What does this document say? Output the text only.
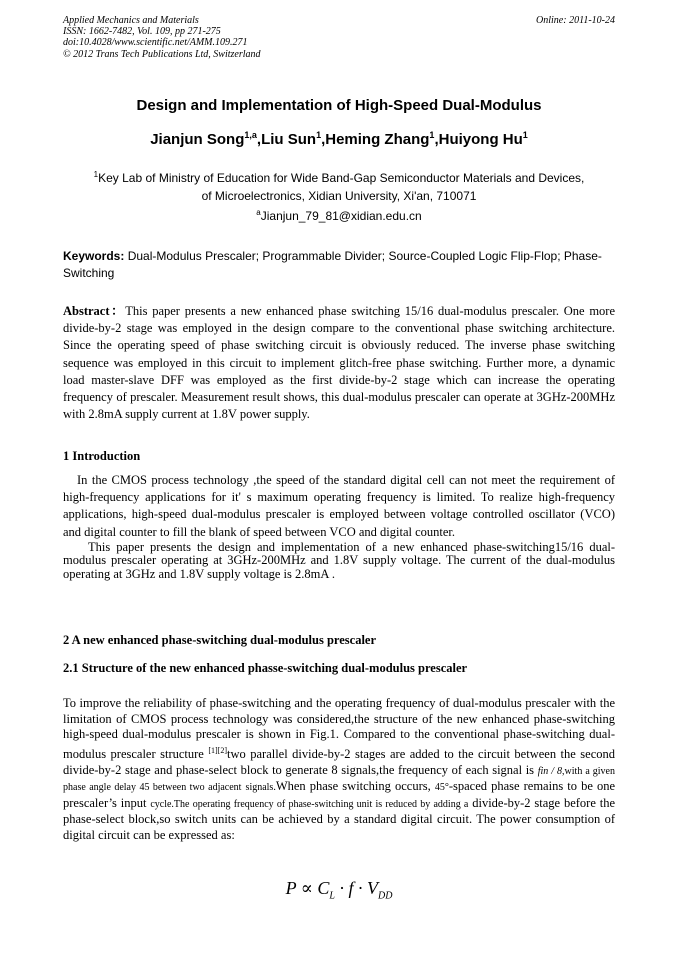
Applied Mechanics and Materials
ISSN: 1662-7482, Vol. 109, pp 271-275
doi:10.4028/www.scientific.net/AMM.109.271
© 2012 Trans Tech Publications Ltd, Switzerland
Online: 2011-10-24
Design and Implementation of High-Speed Dual-Modulus
Jianjun Song$^{1,a}$,Liu Sun$^1$,Heming Zhang$^1$,Huiyong Hu$^1$
$^1$Key Lab of Ministry of Education for Wide Band-Gap Semiconductor Materials and Devices,
of Microelectronics, Xidian University, Xi'an, 710071
$^a$Jianjun_79_81@xidian.edu.cn
Keywords: Dual-Modulus Prescaler; Programmable Divider; Source-Coupled Logic Flip-Flop; Phase-Switching
Abstract：This paper presents a new enhanced phase switching 15/16 dual-modulus prescaler. One more divide-by-2 stage was employed in the design compare to the conventional phase switching architecture. Since the operating speed of phase switching circuit is obviously reduced. The inverse phase switching sequence was employed in this circuit to implement glitch-free phase switching. Further more, a dynamic load master-slave DFF was employed as the first divide-by-2 stage which can increase the operating frequency of prescaler. Measurement result shows, this dual-modulus prescaler can operate at 3GHz-200MHz with 2.8mA supply current at 1.8V power supply.
1 Introduction

In the CMOS process technology ,the speed of the standard digital cell can not meet the requirement of high-frequency applications for it' s maximum operating frequency is limited. To realize high-frequency applications, high-speed dual-modulus prescaler is employed between voltage controlled oscillator (VCO) and digital counter to fill the blank of speed between VCO and digital counter.

This paper presents the design and implementation of a new enhanced phase-switching15/16 dual-modulus prescaler operating at 3GHz-200MHz and 1.8V supply voltage. The current of the dual-modulus operating at 3GHz and 1.8V supply voltage is 2.8mA .

2 A new enhanced phase-switching dual-modulus prescaler
2.1 Structure of the new enhanced phasse-switching dual-modulus prescaler
To improve the reliability of phase-switching and the operating frequency of dual-modulus prescaler with the limitation of CMOS process technology was considered,the structure of the new enhanced phase-switching high-speed dual-modulus prescaler is shown in Fig.1. Compared to the conventional phase-switching dual-modulus prescaler structure [1][2]two parallel divide-by-2 stages are added to the circuit between the second divide-by-2 stage and phase-select block to generate 8 signals,the frequency of each signal is fin / 8,with a given phase angle delay 45 between two adjacent signals.When phase switching occurs, 45°-spaced phase remains to be one prescaler’s input cycle.The operating frequency of phase-switching unit is reduced by adding a divide-by-2 stage before the phase-select block,so switch units can be achieved by a standard digital circuit. The power consumption of digital circuit can be expressed as:
$P \propto C_L \cdot f \cdot V_{DD}$
